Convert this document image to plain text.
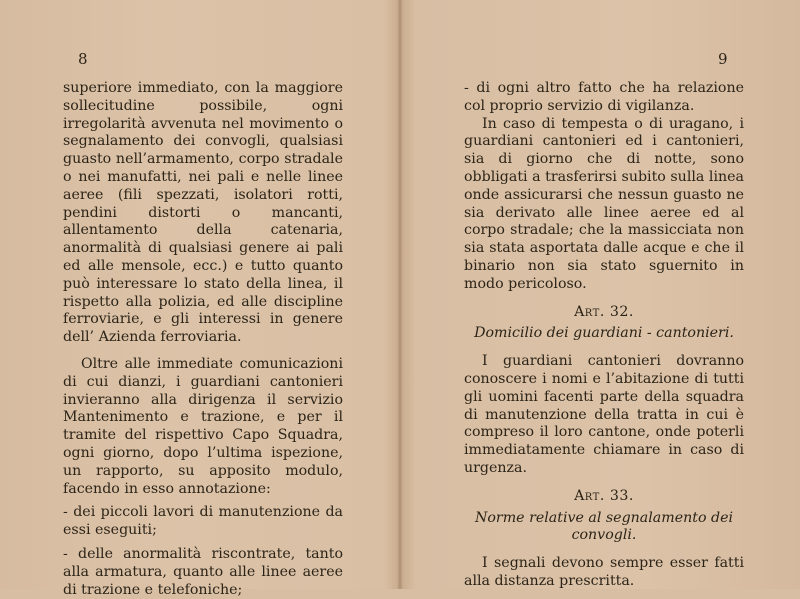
8

superiore immediato, con la maggiore sollecitudine possibile, ogni irregolarità avvenuta nel movimento o segnalamento dei convogli, qualsiasi guasto nell’armamento, corpo stradale o nei manufatti, nei pali e nelle linee aeree (fili spezzati, isolatori rotti, pendini distorti o mancanti, allentamento della catenaria, anormalità di qualsiasi genere ai pali ed alle mensole, ecc.) e tutto quanto può interessare lo stato della linea, il rispetto alla polizia, ed alle discipline ferroviarie, e gli interessi in genere dell’ Azienda ferroviaria.

Oltre alle immediate comunicazioni di cui dianzi, i guardiani cantonieri invieranno alla dirigenza il servizio Mantenimento e trazione, e per il tramite del rispettivo Capo Squadra, ogni giorno, dopo l’ultima ispezione, un rapporto, su apposito modulo, facendo in esso annotazione:

- dei piccoli lavori di manutenzione da essi eseguiti;

- delle anormalità riscontrate, tanto alla armatura, quanto alle linee aeree di trazione e telefoniche;

9

- di ogni altro fatto che ha relazione col proprio servizio di vigilanza.

In caso di tempesta o di uragano, i guardiani cantonieri ed i cantonieri, sia di giorno che di notte, sono obbligati a trasferirsi subito sulla linea onde assicurarsi che nessun guasto ne sia derivato alle linee aeree ed al corpo stradale; che la massicciata non sia stata asportata dalle acque e che il binario non sia stato sguernito in modo pericoloso.

Art. 32.

Domicilio dei guardiani - cantonieri.

I guardiani cantonieri dovranno conoscere i nomi e l’abitazione di tutti gli uomini facenti parte della squadra di manutenzione della tratta in cui è compreso il loro cantone, onde poterli immediatamente chiamare in caso di urgenza.

Art. 33.

Norme relative al segnalamento dei convogli.

I segnali devono sempre esser fatti alla distanza prescritta.
